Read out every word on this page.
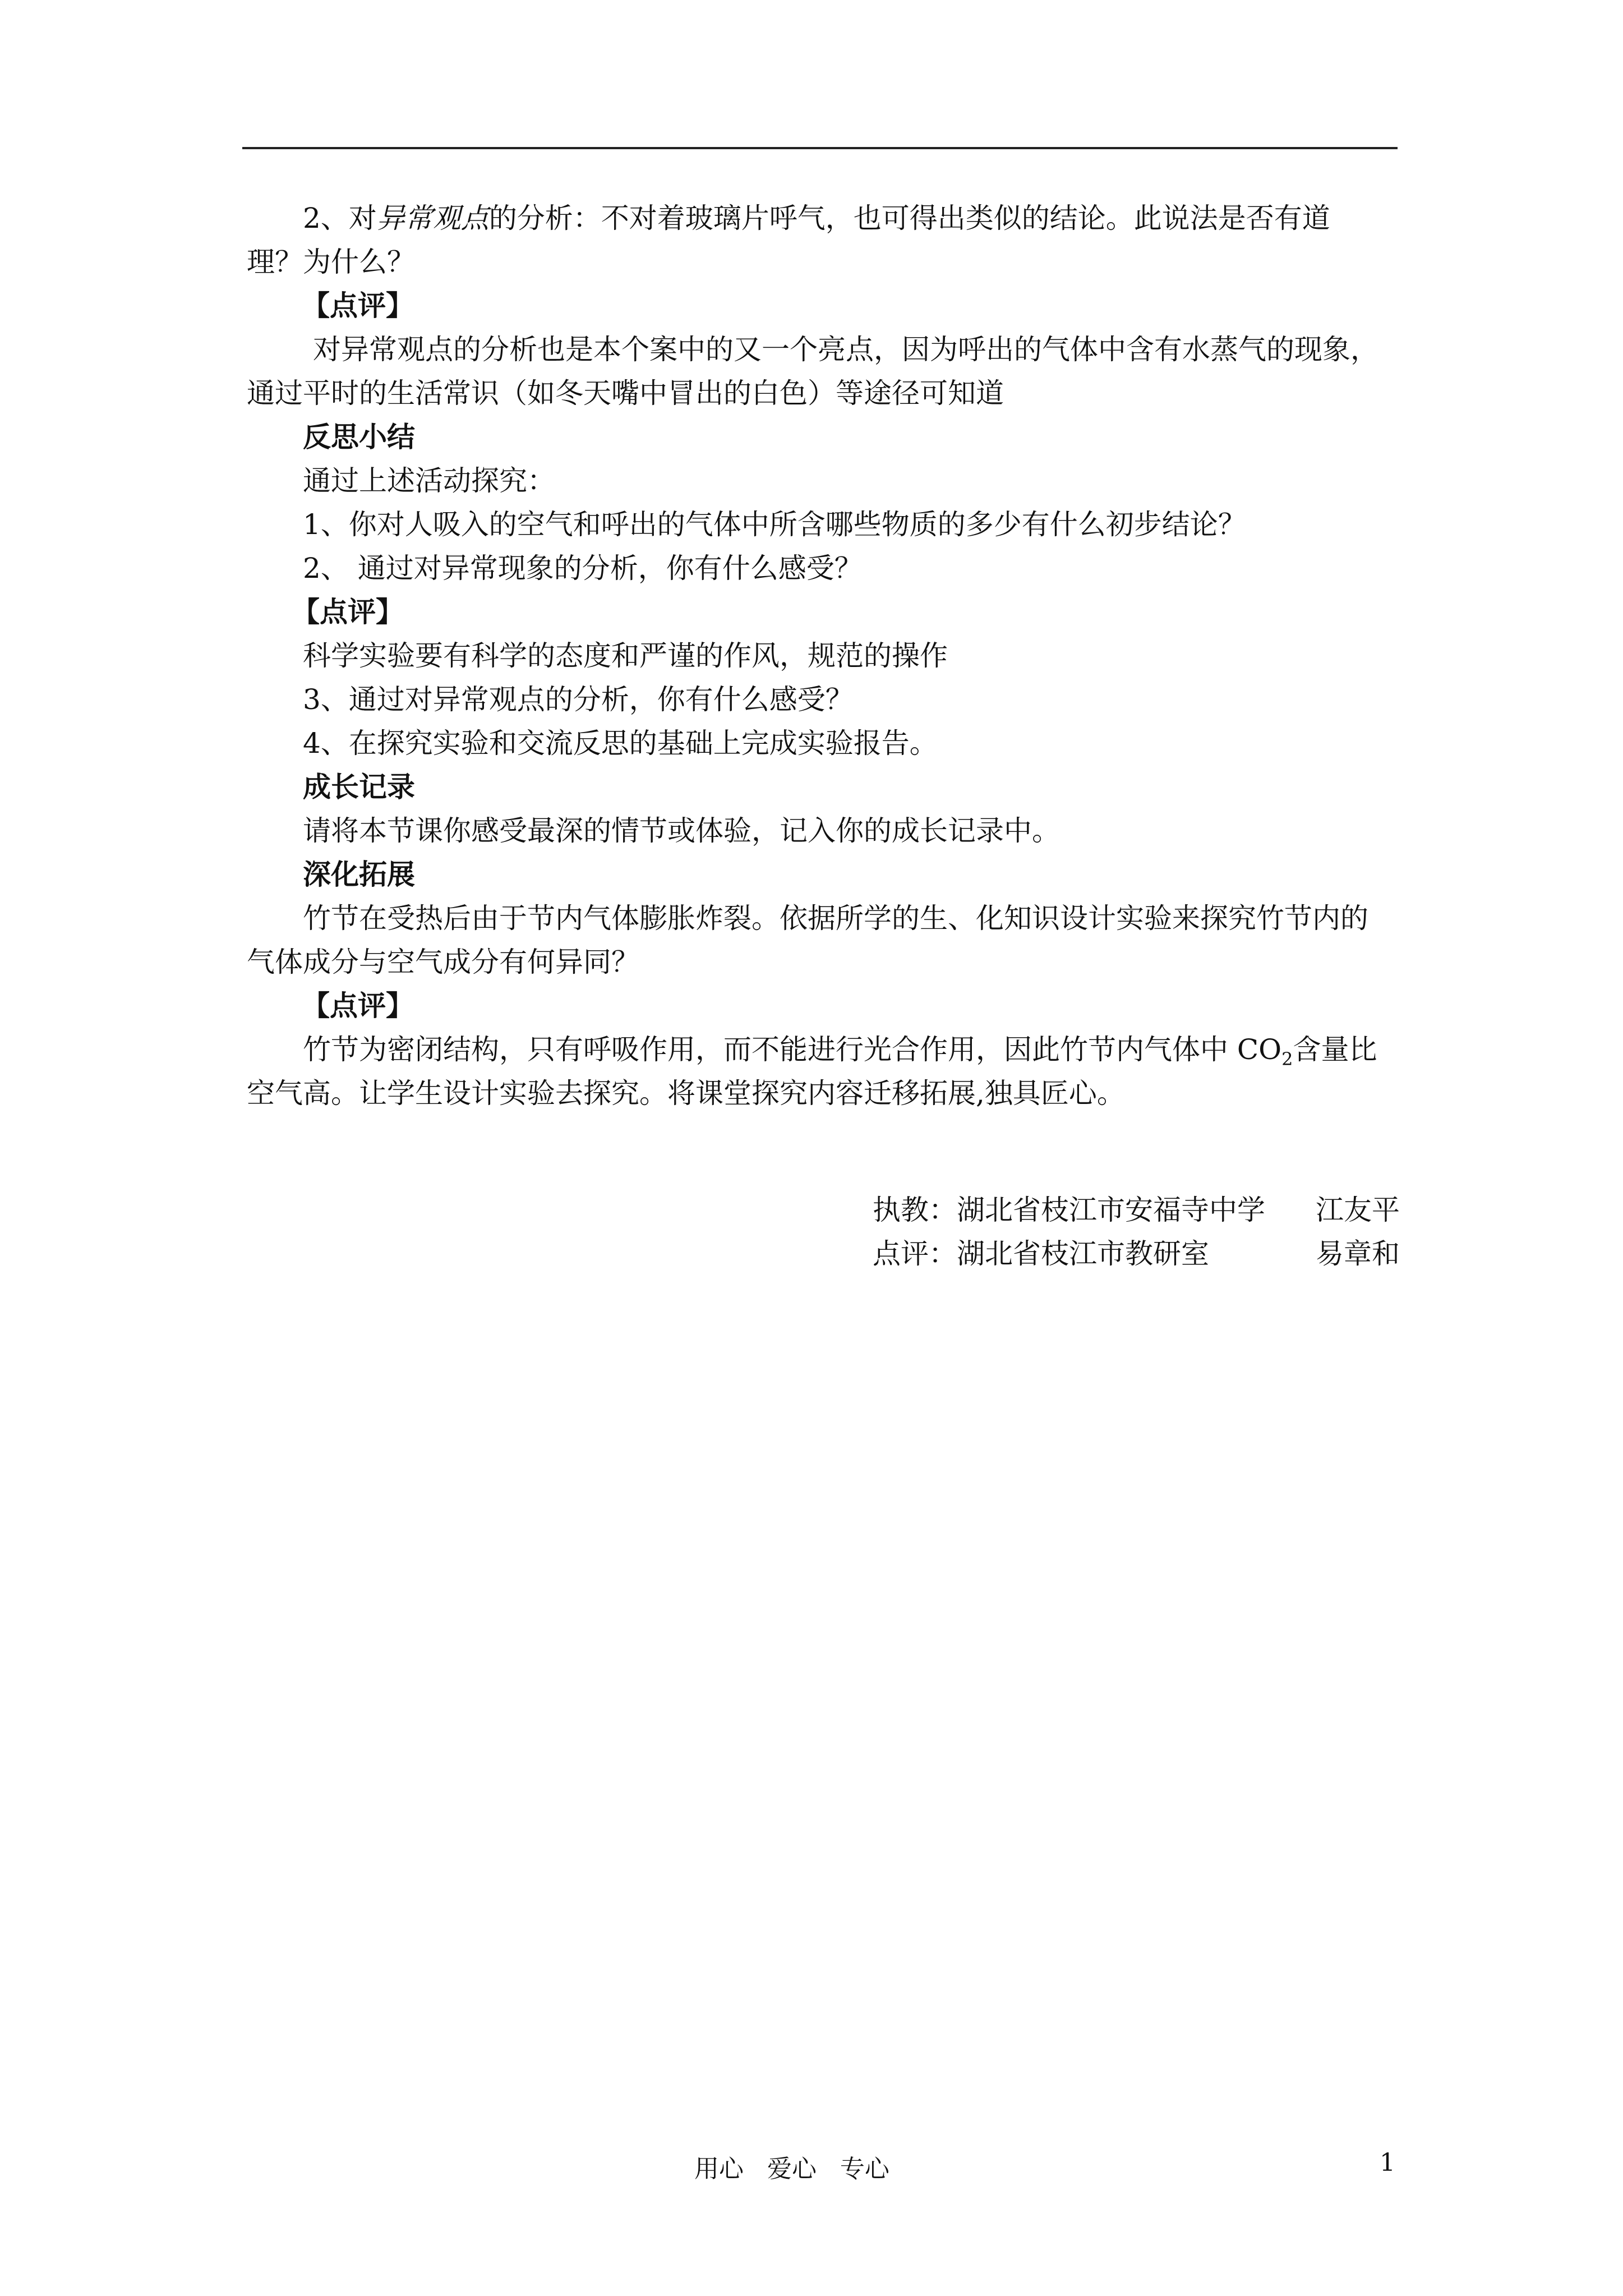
2、对异常观点的分析：不对着玻璃片呼气，也可得出类似的结论。此说法是否有道
理？为什么？
【点评】
对异常观点的分析也是本个案中的又一个亮点，因为呼出的气体中含有水蒸气的现象，
通过平时的生活常识（如冬天嘴中冒出的白色）等途径可知道
反思小结
通过上述活动探究：
1、你对人吸入的空气和呼出的气体中所含哪些物质的多少有什么初步结论？
2、 通过对异常现象的分析，你有什么感受？
【点评】
科学实验要有科学的态度和严谨的作风，规范的操作
3、通过对异常观点的分析，你有什么感受？
4、在探究实验和交流反思的基础上完成实验报告。
成长记录
请将本节课你感受最深的情节或体验，记入你的成长记录中。
深化拓展
竹节在受热后由于节内气体膨胀炸裂。依据所学的生、化知识设计实验来探究竹节内的
气体成分与空气成分有何异同？
【点评】
竹节为密闭结构，只有呼吸作用，而不能进行光合作用，因此竹节内气体中 $CO_2$含量比
空气高。让学生设计实验去探究。将课堂探究内容迁移拓展,独具匠心。
执教：湖北省枝江市安福寺中学 江友平
点评：湖北省枝江市教研室	易章和
用心   爱心   专心	1
